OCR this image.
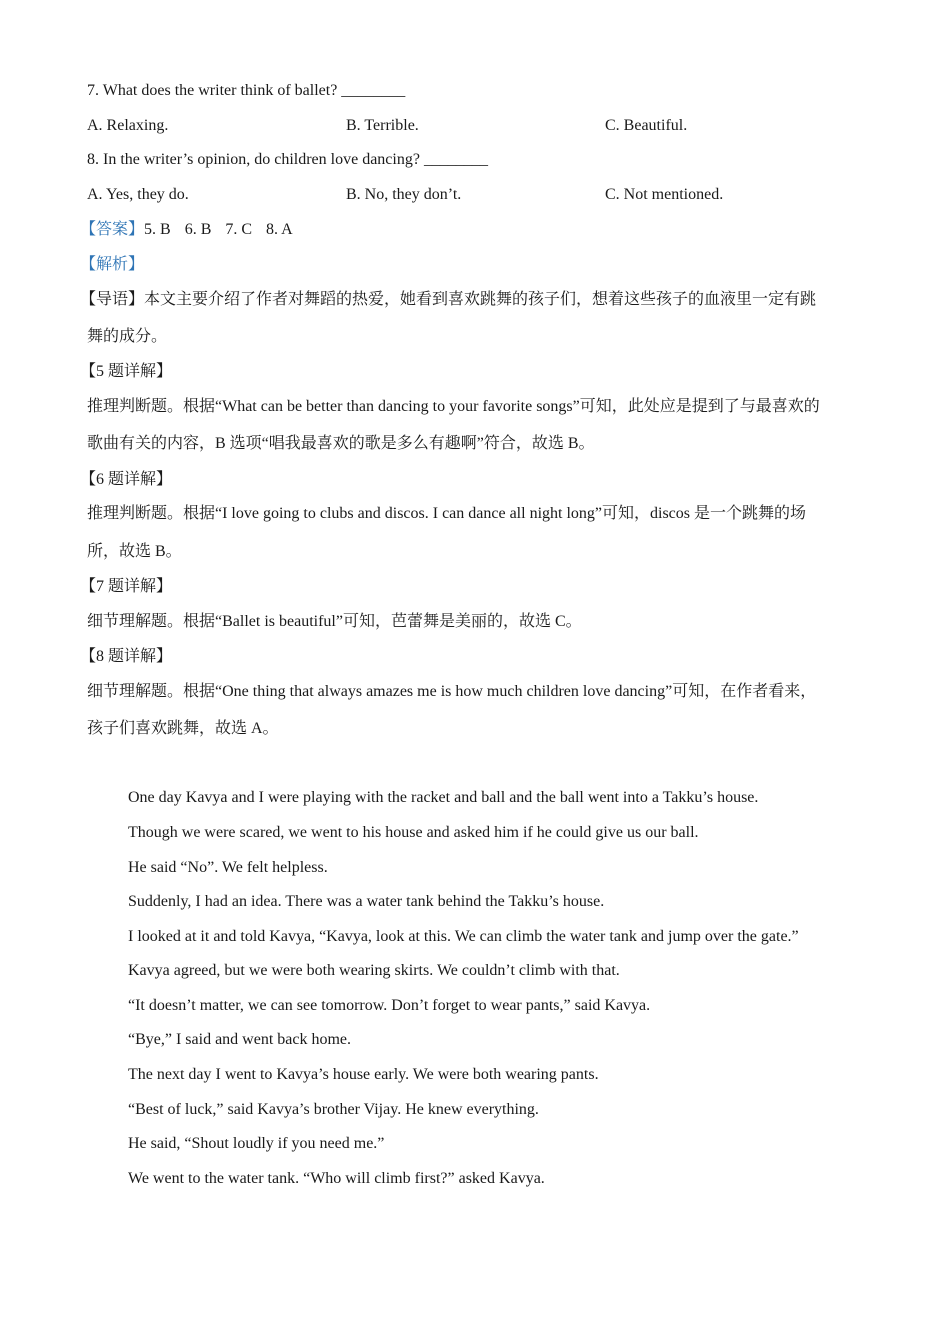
7. What does the writer think of ballet? ________
A. Relaxing.	B. Terrible.	C. Beautiful.
8. In the writer’s opinion, do children love dancing? ________
A. Yes, they do.	B. No, they don’t.	C. Not mentioned.
【答案】5. B 6. B 7. C 8. A
【解析】
【导语】本文主要介绍了作者对舞蹈的热爱，她看到喜欢跳舞的孩子们，想着这些孩子的血液里一定有跳
舞的成分。
【5 题详解】
推理判断题。根据“What can be better than dancing to your favorite songs”可知，此处应是提到了与最喜欢的
歌曲有关的内容，B 选项“唱我最喜欢的歌是多么有趣啊”符合，故选 B。
【6 题详解】
推理判断题。根据“I love going to clubs and discos. I can dance all night long”可知，discos 是一个跳舞的场
所，故选 B。
【7 题详解】
细节理解题。根据“Ballet is beautiful”可知，芭蕾舞是美丽的，故选 C。
【8 题详解】
细节理解题。根据“One thing that always amazes me is how much children love dancing”可知，在作者看来，
孩子们喜欢跳舞，故选 A。
One day Kavya and I were playing with the racket and ball and the ball went into a Takku’s house.
Though we were scared, we went to his house and asked him if he could give us our ball.
He said “No”. We felt helpless.
Suddenly, I had an idea. There was a water tank behind the Takku’s house.
I looked at it and told Kavya, “Kavya, look at this. We can climb the water tank and jump over the gate.”
Kavya agreed, but we were both wearing skirts. We couldn’t climb with that.
“It doesn’t matter, we can see tomorrow. Don’t forget to wear pants,” said Kavya.
“Bye,” I said and went back home.
The next day I went to Kavya’s house early. We were both wearing pants.
“Best of luck,” said Kavya’s brother Vijay. He knew everything.
He said, “Shout loudly if you need me.”
We went to the water tank. “Who will climb first?” asked Kavya.
